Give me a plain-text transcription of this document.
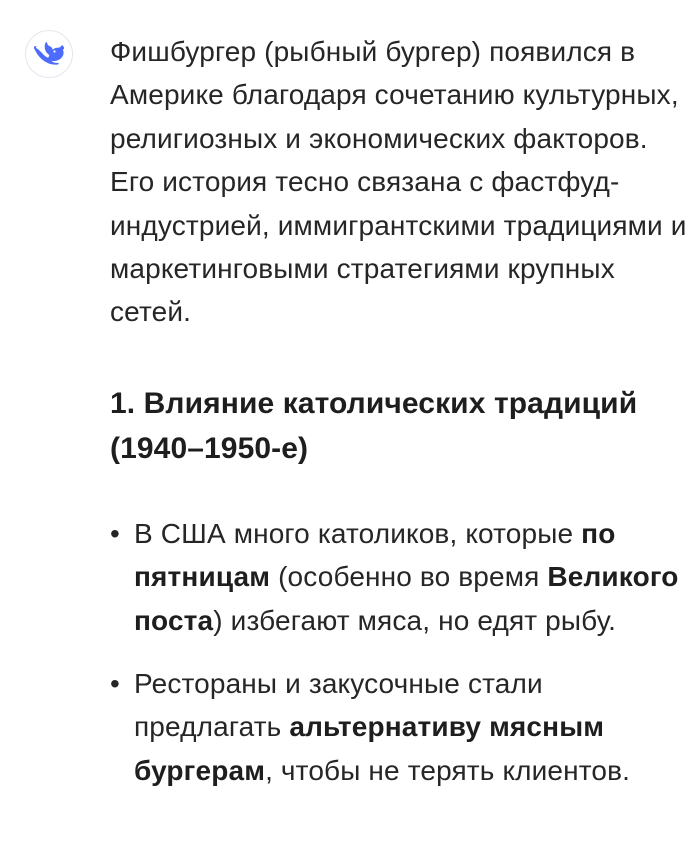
Фишбургер (рыбный бургер) появился в Америке благодаря сочетанию культурных, религиозных и экономических факторов. Его история тесно связана с фастфуд-индустрией, иммигрантскими традициями и маркетинговыми стратегиями крупных сетей.

1. Влияние католических традиций (1940–1950-е)
• В США много католиков, которые по пятницам (особенно во время Великого поста) избегают мяса, но едят рыбу.
• Рестораны и закусочные стали предлагать альтернативу мясным бургерам, чтобы не терять клиентов.
